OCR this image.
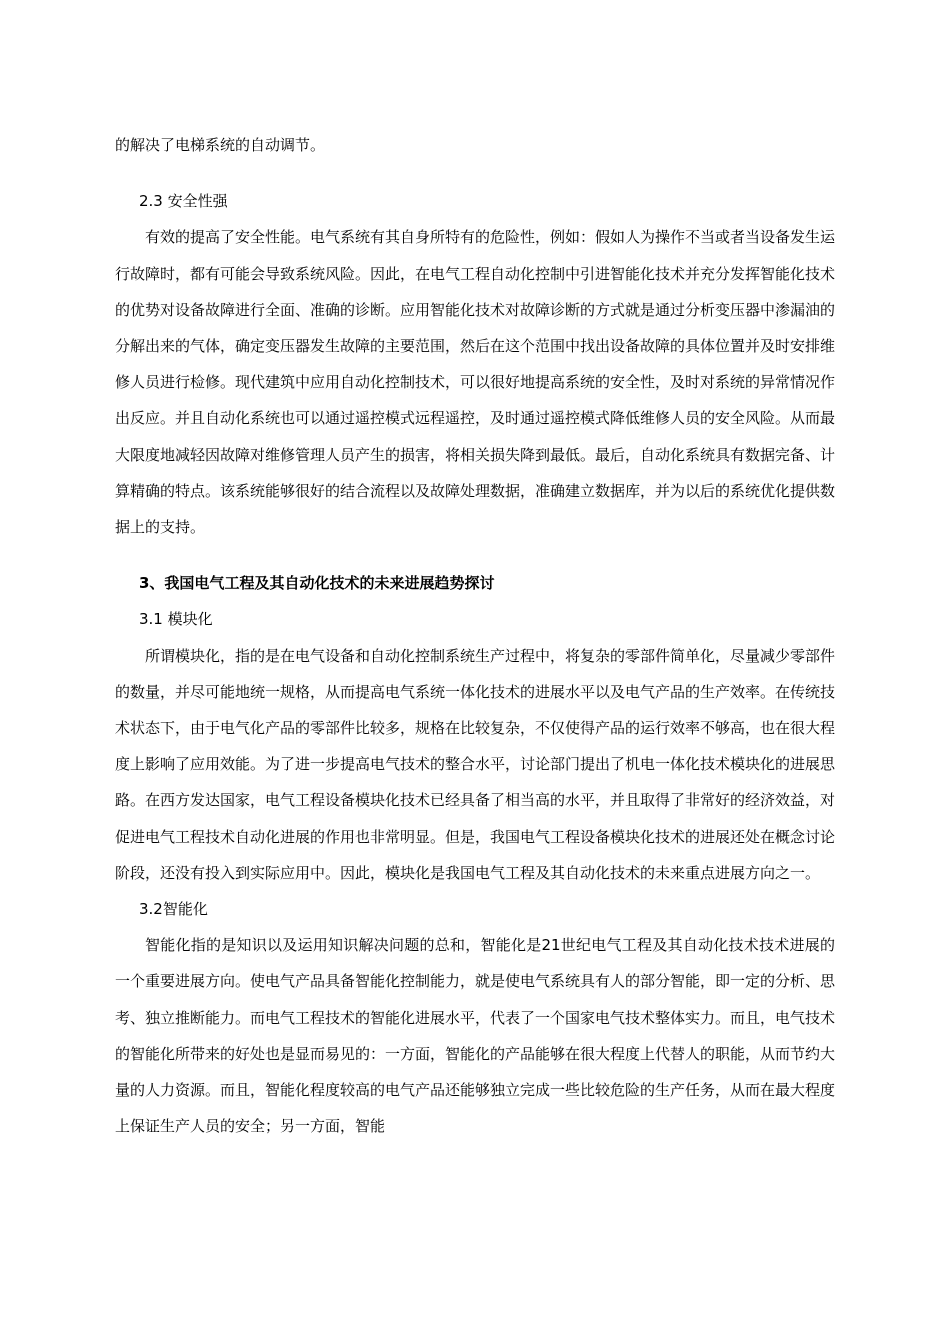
的解决了电梯系统的自动调节。

2.3 安全性强

有效的提高了安全性能。电气系统有其自身所特有的危险性，例如：假如人为操作不当或者当设备发生运行故障时，都有可能会导致系统风险。因此，在电气工程自动化控制中引进智能化技术并充分发挥智能化技术的优势对设备故障进行全面、准确的诊断。应用智能化技术对故障诊断的方式就是通过分析变压器中渗漏油的分解出来的气体，确定变压器发生故障的主要范围，然后在这个范围中找出设备故障的具体位置并及时安排维修人员进行检修。现代建筑中应用自动化控制技术，可以很好地提高系统的安全性，及时对系统的异常情况作出反应。并且自动化系统也可以通过遥控模式远程遥控，及时通过遥控模式降低维修人员的安全风险。从而最大限度地减轻因故障对维修管理人员产生的损害，将相关损失降到最低。最后，自动化系统具有数据完备、计算精确的特点。该系统能够很好的结合流程以及故障处理数据，准确建立数据库，并为以后的系统优化提供数据上的支持。

3、我国电气工程及其自动化技术的未来进展趋势探讨

3.1 模块化

所谓模块化，指的是在电气设备和自动化控制系统生产过程中，将复杂的零部件简单化，尽量减少零部件的数量，并尽可能地统一规格，从而提高电气系统一体化技术的进展水平以及电气产品的生产效率。在传统技术状态下，由于电气化产品的零部件比较多，规格在比较复杂，不仅使得产品的运行效率不够高，也在很大程度上影响了应用效能。为了进一步提高电气技术的整合水平，讨论部门提出了机电一体化技术模块化的进展思路。在西方发达国家，电气工程设备模块化技术已经具备了相当高的水平，并且取得了非常好的经济效益，对促进电气工程技术自动化进展的作用也非常明显。但是，我国电气工程设备模块化技术的进展还处在概念讨论阶段，还没有投入到实际应用中。因此，模块化是我国电气工程及其自动化技术的未来重点进展方向之一。

3.2智能化

智能化指的是知识以及运用知识解决问题的总和，智能化是21世纪电气工程及其自动化技术技术进展的一个重要进展方向。使电气产品具备智能化控制能力，就是使电气系统具有人的部分智能，即一定的分析、思考、独立推断能力。而电气工程技术的智能化进展水平，代表了一个国家电气技术整体实力。而且，电气技术的智能化所带来的好处也是显而易见的：一方面，智能化的产品能够在很大程度上代替人的职能，从而节约大量的人力资源。而且，智能化程度较高的电气产品还能够独立完成一些比较危险的生产任务，从而在最大程度上保证生产人员的安全；另一方面，智能
